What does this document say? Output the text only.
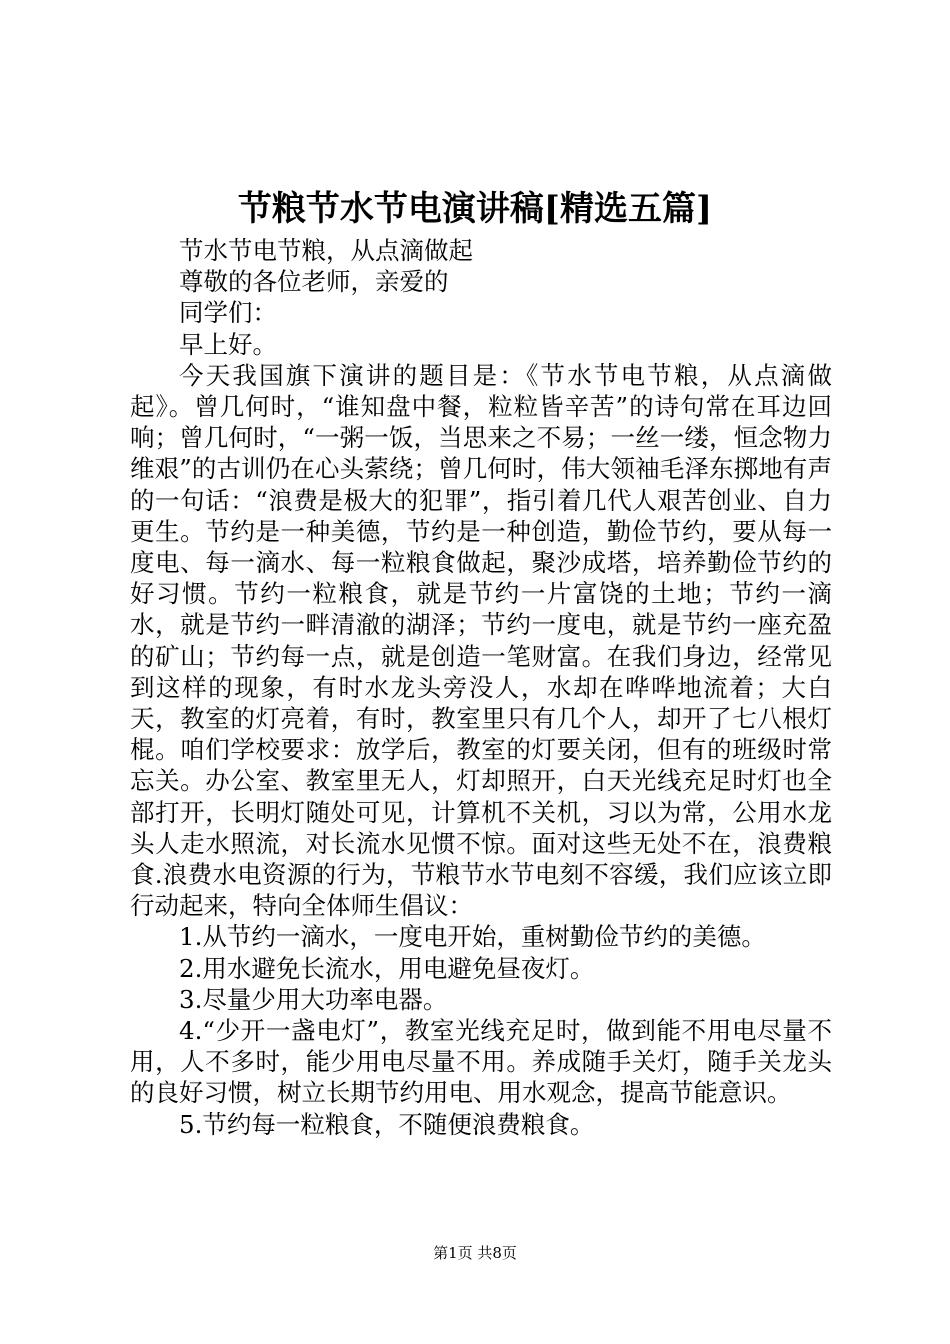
节粮节水节电演讲稿[精选五篇]

节水节电节粮，从点滴做起

尊敬的各位老师，亲爱的

同学们：

早上好。

今天我国旗下演讲的题目是：《节水节电节粮，从点滴做起》。曾几何时，“谁知盘中餐，粒粒皆辛苦”的诗句常在耳边回响；曾几何时，“一粥一饭，当思来之不易；一丝一缕，恒念物力维艰”的古训仍在心头萦绕；曾几何时，伟大领袖毛泽东掷地有声的一句话：“浪费是极大的犯罪”，指引着几代人艰苦创业、自力更生。节约是一种美德，节约是一种创造，勤俭节约，要从每一度电、每一滴水、每一粒粮食做起，聚沙成塔，培养勤俭节约的好习惯。节约一粒粮食，就是节约一片富饶的土地；节约一滴水，就是节约一畔清澈的湖泽；节约一度电，就是节约一座充盈的矿山；节约每一点，就是创造一笔财富。在我们身边，经常见到这样的现象，有时水龙头旁没人，水却在哗哗地流着；大白天，教室的灯亮着，有时，教室里只有几个人，却开了七八根灯棍。咱们学校要求：放学后，教室的灯要关闭，但有的班级时常忘关。办公室、教室里无人，灯却照开，白天光线充足时灯也全部打开，长明灯随处可见，计算机不关机，习以为常，公用水龙头人走水照流，对长流水见惯不惊。面对这些无处不在，浪费粮食.浪费水电资源的行为，节粮节水节电刻不容缓，我们应该立即行动起来，特向全体师生倡议：

1.从节约一滴水，一度电开始，重树勤俭节约的美德。

2.用水避免长流水，用电避免昼夜灯。

3.尽量少用大功率电器。

4.“少开一盏电灯”，教室光线充足时，做到能不用电尽量不用，人不多时，能少用电尽量不用。养成随手关灯，随手关龙头的良好习惯，树立长期节约用电、用水观念，提高节能意识。

5.节约每一粒粮食，不随便浪费粮食。

第1页 共8页
